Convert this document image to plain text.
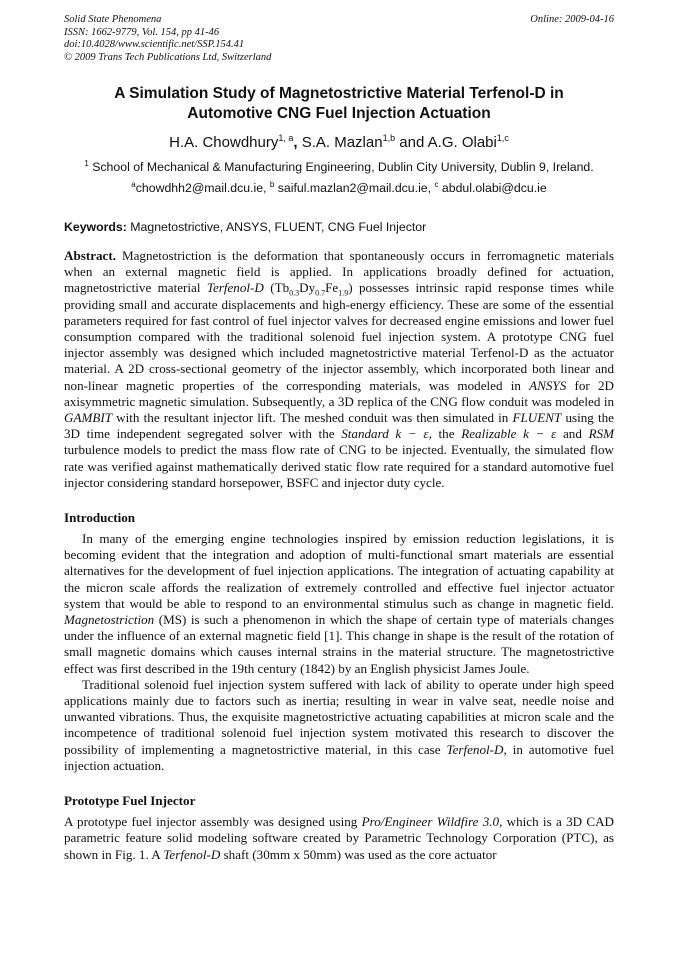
Solid State Phenomena
ISSN: 1662-9779, Vol. 154, pp 41-46
doi:10.4028/www.scientific.net/SSP.154.41
© 2009 Trans Tech Publications Ltd, Switzerland
Online: 2009-04-16
A Simulation Study of Magnetostrictive Material Terfenol-D in
Automotive CNG Fuel Injection Actuation
H.A. Chowdhury$^{1, a}$, S.A. Mazlan$^{1,b}$ and A.G. Olabi$^{1,c}$
$^1$ School of Mechanical & Manufacturing Engineering, Dublin City University, Dublin 9, Ireland.
$^a$chowdhh2@mail.dcu.ie, $^b$ saiful.mazlan2@mail.dcu.ie, $^c$ abdul.olabi@dcu.ie
Keywords: Magnetostrictive, ANSYS, FLUENT, CNG Fuel Injector

Abstract. Magnetostriction is the deformation that spontaneously occurs in ferromagnetic materials when an external magnetic field is applied. In applications broadly defined for actuation, magnetostrictive material Terfenol-D $(Tb_{0.3}Dy_{0.7}Fe_{1.9})$ possesses intrinsic rapid response times while providing small and accurate displacements and high-energy efficiency. These are some of the essential parameters required for fast control of fuel injector valves for decreased engine emissions and lower fuel consumption compared with the traditional solenoid fuel injection system. A prototype CNG fuel injector assembly was designed which included magnetostrictive material Terfenol-D as the actuator material. A 2D cross-sectional geometry of the injector assembly, which incorporated both linear and non-linear magnetic properties of the corresponding materials, was modeled in ANSYS for 2D axisymmetric magnetic simulation. Subsequently, a 3D replica of the CNG flow conduit was modeled in GAMBIT with the resultant injector lift. The meshed conduit was then simulated in FLUENT using the 3D time independent segregated solver with the Standard k − ε, the Realizable k − ε and RSM turbulence models to predict the mass flow rate of CNG to be injected. Eventually, the simulated flow rate was verified against mathematically derived static flow rate required for a standard automotive fuel injector considering standard horsepower, BSFC and injector duty cycle.

Introduction

In many of the emerging engine technologies inspired by emission reduction legislations, it is becoming evident that the integration and adoption of multi-functional smart materials are essential alternatives for the development of fuel injection applications. The integration of actuating capability at the micron scale affords the realization of extremely controlled and effective fuel injector actuator system that would be able to respond to an environmental stimulus such as change in magnetic field. Magnetostriction (MS) is such a phenomenon in which the shape of certain type of materials changes under the influence of an external magnetic field [1]. This change in shape is the result of the rotation of small magnetic domains which causes internal strains in the material structure. The magnetostrictive effect was first described in the 19th century (1842) by an English physicist James Joule.

Traditional solenoid fuel injection system suffered with lack of ability to operate under high speed applications mainly due to factors such as inertia; resulting in wear in valve seat, needle noise and unwanted vibrations. Thus, the exquisite magnetostrictive actuating capabilities at micron scale and the incompetence of traditional solenoid fuel injection system motivated this research to discover the possibility of implementing a magnetostrictive material, in this case Terfenol-D, in automotive fuel injection actuation.

Prototype Fuel Injector

A prototype fuel injector assembly was designed using Pro/Engineer Wildfire 3.0, which is a 3D CAD parametric feature solid modeling software created by Parametric Technology Corporation (PTC), as shown in Fig. 1. A Terfenol-D shaft (30mm x 50mm) was used as the core actuator
